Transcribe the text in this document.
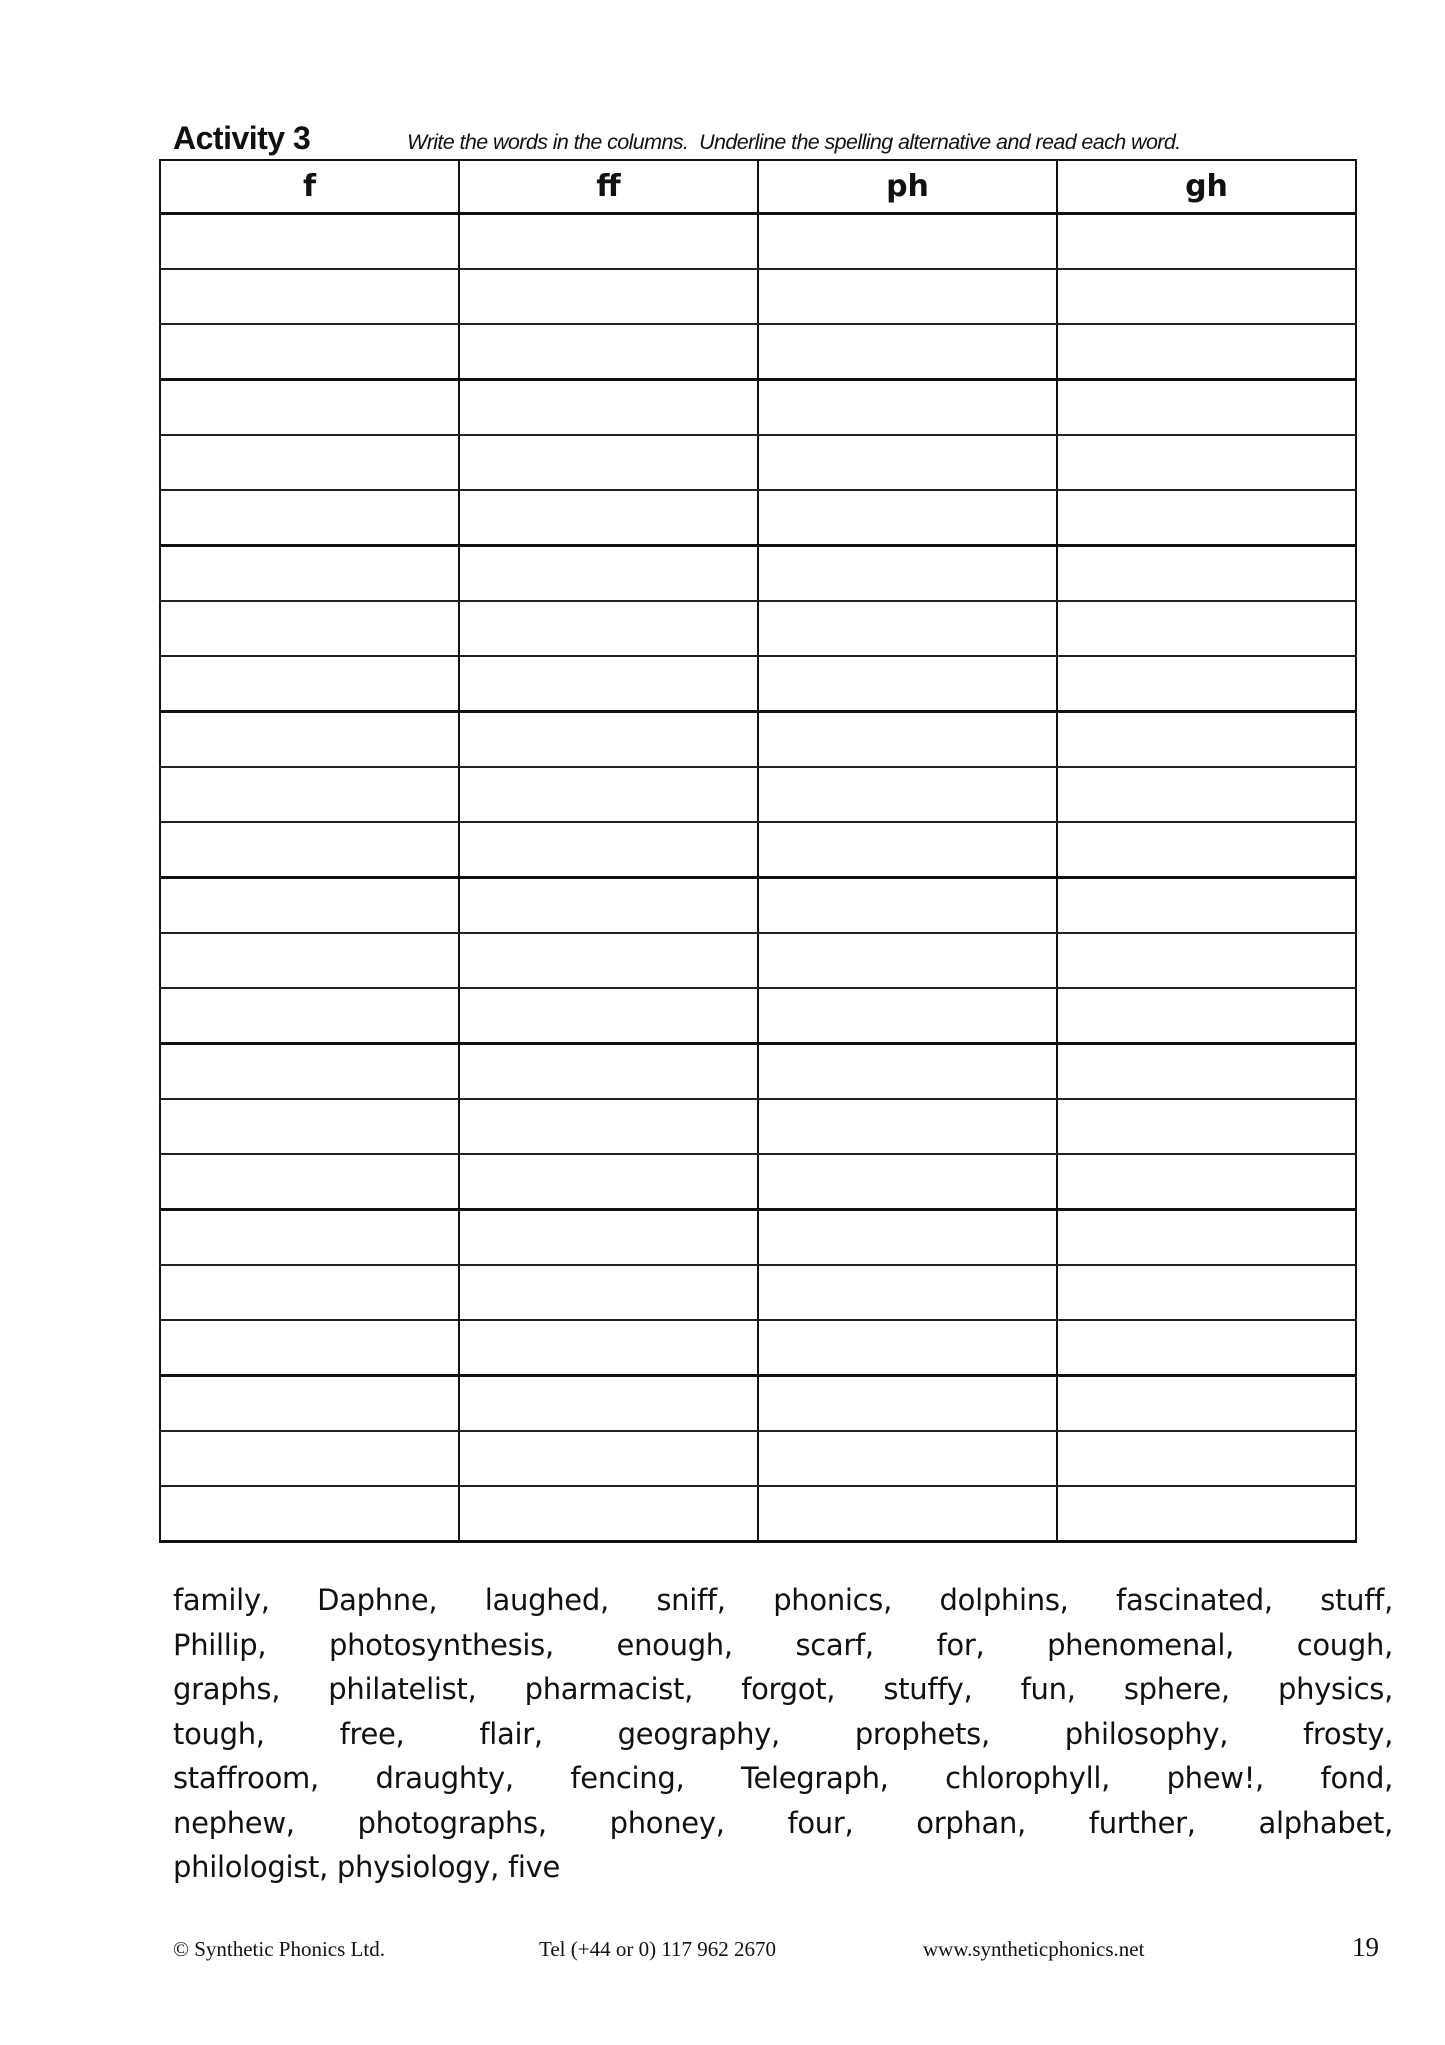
Activity 3	Write the words in the columns.  Underline the spelling alternative and read each word.
f	ff	ph	gh

family, Daphne, laughed, sniff, phonics, dolphins, fascinated, stuff,
Phillip, photosynthesis, enough, scarf, for, phenomenal, cough,
graphs, philatelist, pharmacist, forgot, stuffy, fun, sphere, physics,
tough, free, flair, geography, prophets, philosophy, frosty,
staffroom, draughty, fencing, Telegraph, chlorophyll, phew!, fond,
nephew, photographs, phoney, four, orphan, further, alphabet,
philologist, physiology, five
© Synthetic Phonics Ltd.	Tel (+44 or 0) 117 962 2670	www.syntheticphonics.net	19
